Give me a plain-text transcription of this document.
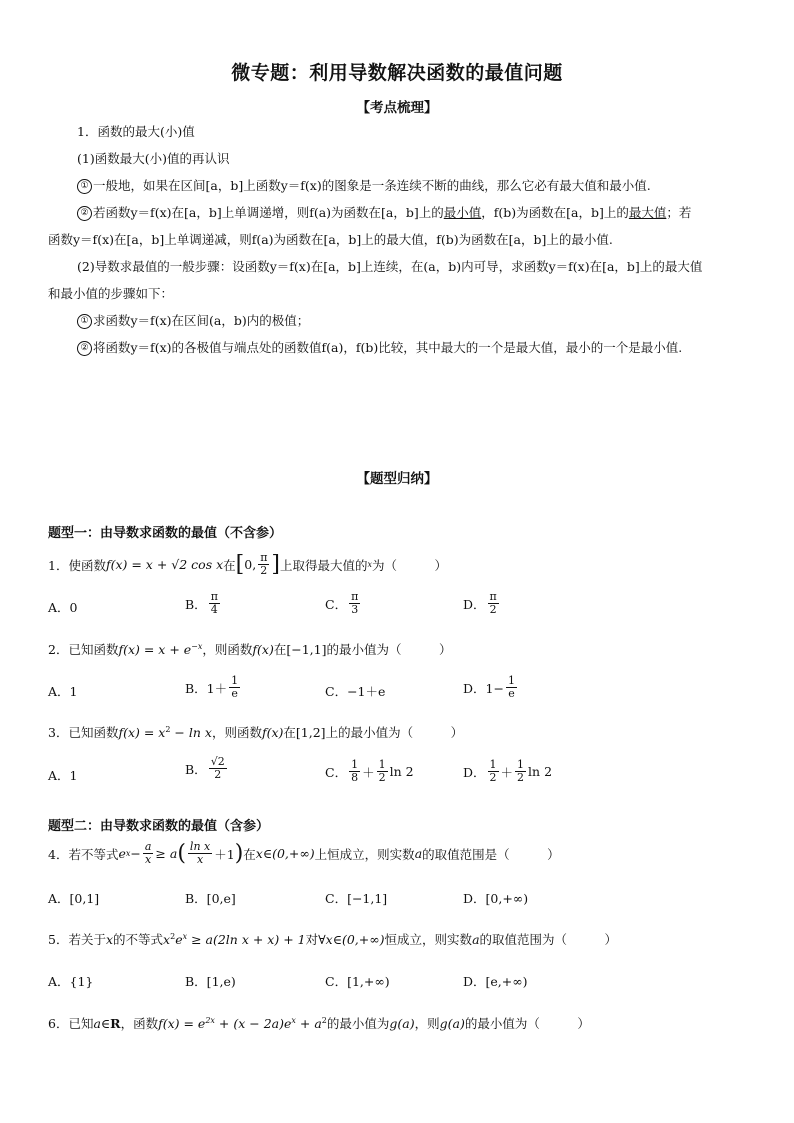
微专题：利用导数解决函数的最值问题
【考点梳理】
1．函数的最大(小)值
(1)函数最大(小)值的再认识
① 一般地，如果在区间[a，b]上函数y＝f(x)的图象是一条连续不断的曲线，那么它必有最大值和最小值.
② 若函数y＝f(x)在[a，b]上单调递增，则f(a)为函数在[a，b]上的最小值，f(b)为函数在[a，b]上的最大值；若
函数y＝f(x)在[a，b]上单调递减，则f(a)为函数在[a，b]上的最大值，f(b)为函数在[a，b]上的最小值.
(2)导数求最值的一般步骤：设函数y＝f(x)在[a，b]上连续，在(a，b)内可导，求函数y＝f(x)在[a，b]上的最大值
和最小值的步骤如下：
① 求函数y＝f(x)在区间(a，b)内的极值；
② 将函数y＝f(x)的各极值与端点处的函数值f(a)，f(b)比较，其中最大的一个是最大值，最小的一个是最小值.
【题型归纳】
题型一：由导数求函数的最值（不含参）
1．使函数 f(x) = x + √2 cos x 在 [ 0, $\frac{\pi}{2}$ ] 上取得最大值的 x 为（　　　）
A．0	B． $\frac{\pi}{4}$	C． $\frac{\pi}{3}$	D． $\frac{\pi}{2}$
2．已知函数$f(x) = x + e^{-x}$，则函数f(x)在[−1,1]的最小值为（　　　）
A．1	B．$1+ \frac{1}{e}$	C．−1＋e	D．$1- \frac{1}{e}$
3．已知函数$f(x) = x^2 - \ln x$，则函数f(x)在[1,2]上的最小值为（　　　）
A．1	B． $\frac{√2}{2}$	C． $\frac{1}{8} + \frac{1}{2}$ ln 2	D． $\frac{1}{2} + \frac{1}{2}$ ln 2
题型二：由导数求函数的最值（含参）
4．若不等式 e $x - \frac{a}{x} \ge a$ ( $\frac{\text{ln x}}{x} +1$ ) 在 x∈(0,+∞) 上恒成立，则实数 a 的取值范围是（　　　）
A．[0,1]	B．[0,e]	C．[−1,1]	D．[0,+∞)
5．若关于x的不等式$x^2e^x \ge a(2\ln$ x + x) + 1对∀x∈(0,+∞)恒成立，则实数a的取值范围为（　　　）
A．{1}	B．[1,e)	C．[1,+∞)	D．[e,+∞)
6．已知a∈R，函数$f(x) = e^{2x} + (x - 2a)e^x + a^2$的最小值为g(a)，则g(a)的最小值为（　　　）
